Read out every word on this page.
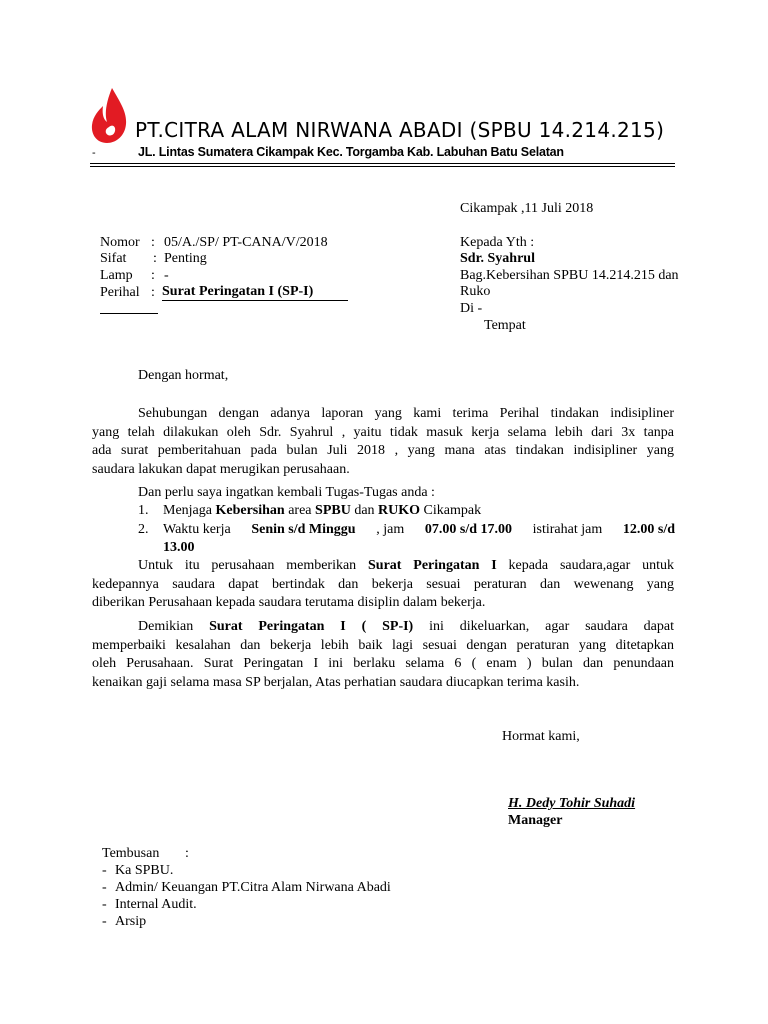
PT.CITRA ALAM NIRWANA ABADI (SPBU 14.214.215)
-	JL. Lintas Sumatera Cikampak Kec. Torgamba Kab. Labuhan Batu Selatan
Cikampak ,11 Juli 2018
Nomor : 05/A./SP/ PT-CANA/V/2018
Sifat : Penting
Lamp : -
Perihal : Surat Peringatan I (SP-I)
Kepada Yth :
Sdr. Syahrul
Bag.Kebersihan SPBU 14.214.215 dan
Ruko
Di -
Tempat
Dengan hormat,
Sehubungan dengan adanya laporan yang kami terima Perihal tindakan indisipliner
yang telah dilakukan oleh Sdr. Syahrul , yaitu tidak masuk kerja selama lebih dari 3x tanpa
ada surat pemberitahuan pada bulan Juli 2018 , yang mana atas tindakan indisipliner yang
saudara lakukan dapat merugikan perusahaan.
Dan perlu saya ingatkan kembali Tugas-Tugas anda :
1. Menjaga Kebersihan area SPBU dan RUKO Cikampak
2. Waktu kerja Senin s/d Minggu , jam 07.00 s/d 17.00 istirahat jam 12.00 s/d
13.00
Untuk itu perusahaan memberikan Surat Peringatan I kepada saudara,agar untuk
kedepannya saudara dapat bertindak dan bekerja sesuai peraturan dan wewenang yang
diberikan Perusahaan kepada saudara terutama disiplin dalam bekerja.
Demikian Surat Peringatan I ( SP-I) ini dikeluarkan, agar saudara dapat
memperbaiki kesalahan dan bekerja lebih baik lagi sesuai dengan peraturan yang ditetapkan
oleh Perusahaan. Surat Peringatan I ini berlaku selama 6 ( enam ) bulan dan penundaan
kenaikan gaji selama masa SP berjalan, Atas perhatian saudara diucapkan terima kasih.
Hormat kami,
H. Dedy Tohir Suhadi
Manager
Tembusan :
- Ka SPBU.
- Admin/ Keuangan PT.Citra Alam Nirwana Abadi
- Internal Audit.
- Arsip
